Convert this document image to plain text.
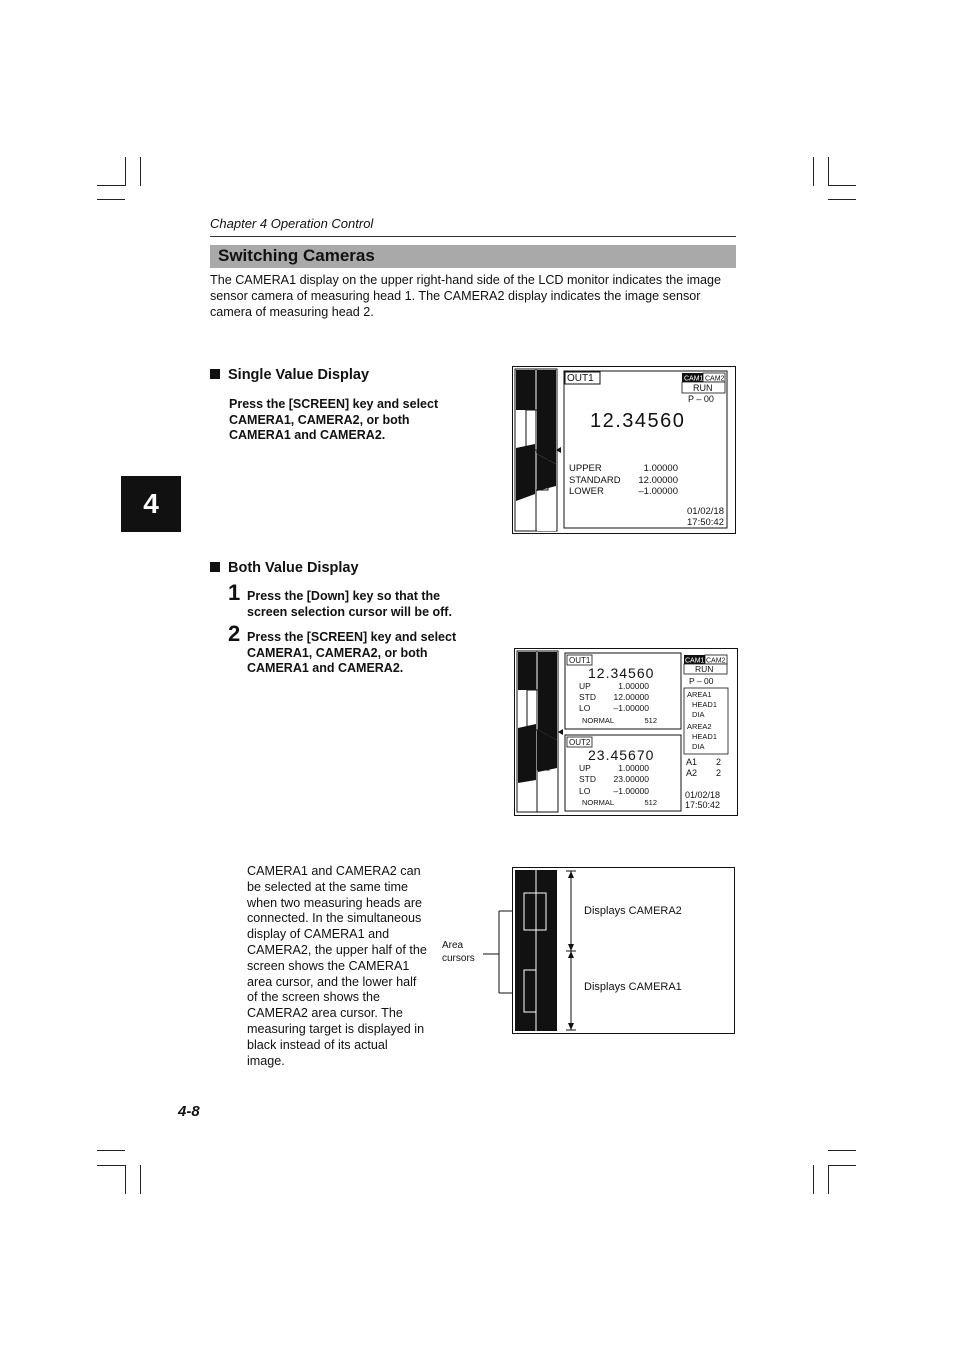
Chapter 4 Operation Control
Switching Cameras
The CAMERA1 display on the upper right-hand side of the LCD monitor indicates the image sensor camera of measuring head 1. The CAMERA2 display indicates the image sensor camera of measuring head 2.
4
Single Value Display
Press the [SCREEN] key and select CAMERA1, CAMERA2, or both CAMERA1 and CAMERA2.
OUT1	CAM1 CAM2
RUN
P – 00
12.34560
UPPER	1.00000
STANDARD 12.00000
LOWER	–1.00000
01/02/18
17:50:42
Both Value Display
1 Press the [Down] key so that the screen selection cursor will be off.
2 Press the [SCREEN] key and select CAMERA1, CAMERA2, or both CAMERA1 and CAMERA2.
OUT1
12.34560
UP	1.00000
STD 12.00000
LO	–1.00000
NORMAL	512
OUT2
23.45670
UP	1.00000
STD 23.00000
LO	–1.00000
NORMAL	512
CAM1 CAM2
RUN
P – 00
AREA1
HEAD1
DIA
AREA2
HEAD1
DIA
A1 2
A2 2
01/02/18
17:50:42
CAMERA1 and CAMERA2 can be selected at the same time when two measuring heads are connected. In the simultaneous display of CAMERA1 and CAMERA2, the upper half of the screen shows the CAMERA1 area cursor, and the lower half of the screen shows the CAMERA2 area cursor. The measuring target is displayed in black instead of its actual image.
Area
cursors
Displays CAMERA2
Displays CAMERA1
4-8
